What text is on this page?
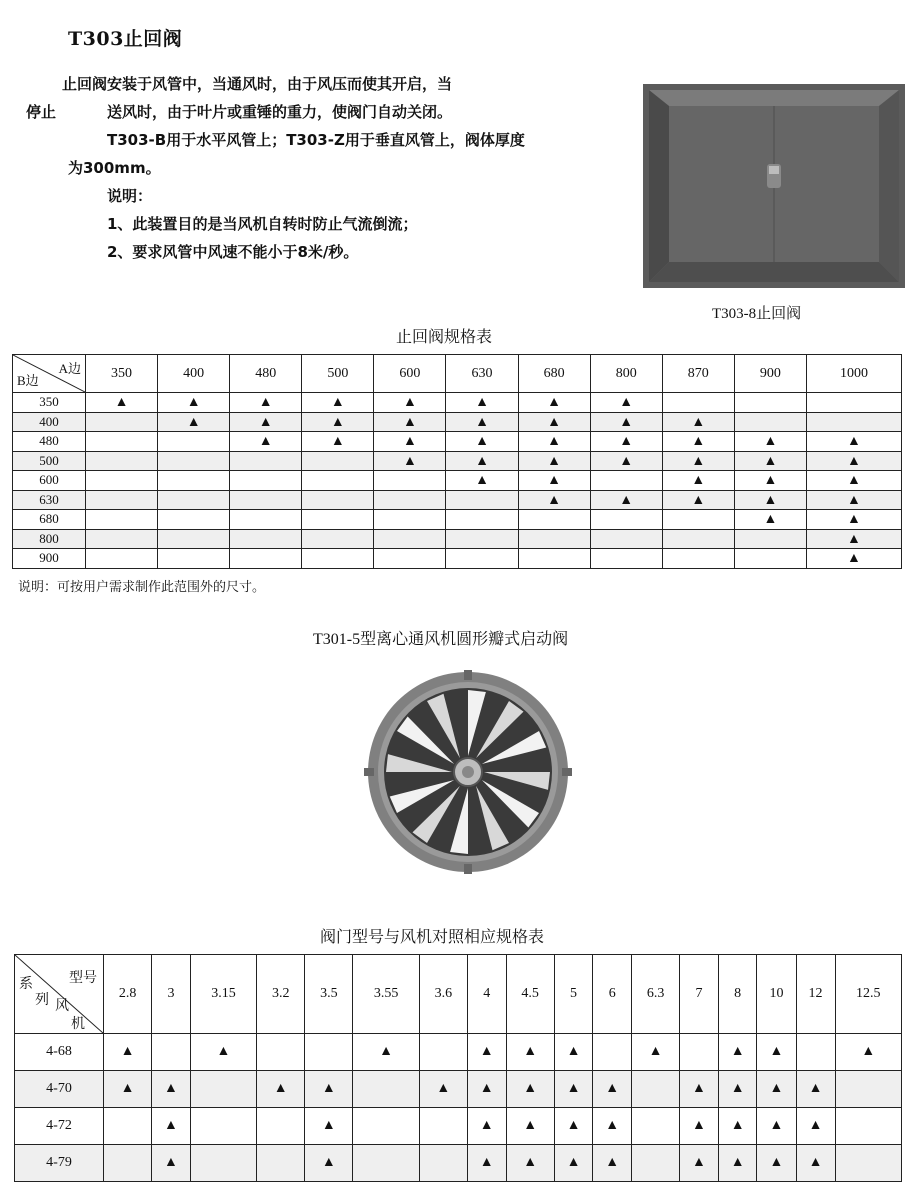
T303止回阀
止回阀安装于风管中，当通风时，由于风压而使其开启，当
停止	送风时，由于叶片或重锤的重力，使阀门自动关闭。
T303-B用于水平风管上；T303-Z用于垂直风管上，阀体厚度
为300mm。
说明：
1、此装置目的是当风机自转时防止气流倒流；
2、要求风管中风速不能小于8米/秒。
T303-8止回阀
止回阀规格表
A边
B边	350	400	480	500	600	630	680	800	870	900	1000
350	▲	▲	▲	▲	▲	▲	▲	▲			
400		▲	▲	▲	▲	▲	▲	▲	▲		
480			▲	▲	▲	▲	▲	▲	▲	▲	▲
500					▲	▲	▲	▲	▲	▲	▲
600						▲	▲		▲	▲	▲
630							▲	▲	▲	▲	▲
680										▲	▲
800											▲
900											▲
说明：可按用户需求制作此范围外的尺寸。
T301-5型离心通风机圆形瓣式启动阀
阀门型号与风机对照相应规格表
型号
系
列 风
机	2.8	3	3.15	3.2	3.5	3.55	3.6	4	4.5	5	6	6.3	7	8	10	12	12.5
4-68	▲		▲			▲		▲	▲	▲		▲		▲	▲		▲
4-70	▲	▲		▲	▲		▲	▲	▲	▲	▲		▲	▲	▲	▲	
4-72		▲			▲			▲	▲	▲	▲		▲	▲	▲	▲	
4-79		▲			▲			▲	▲	▲	▲		▲	▲	▲	▲	
